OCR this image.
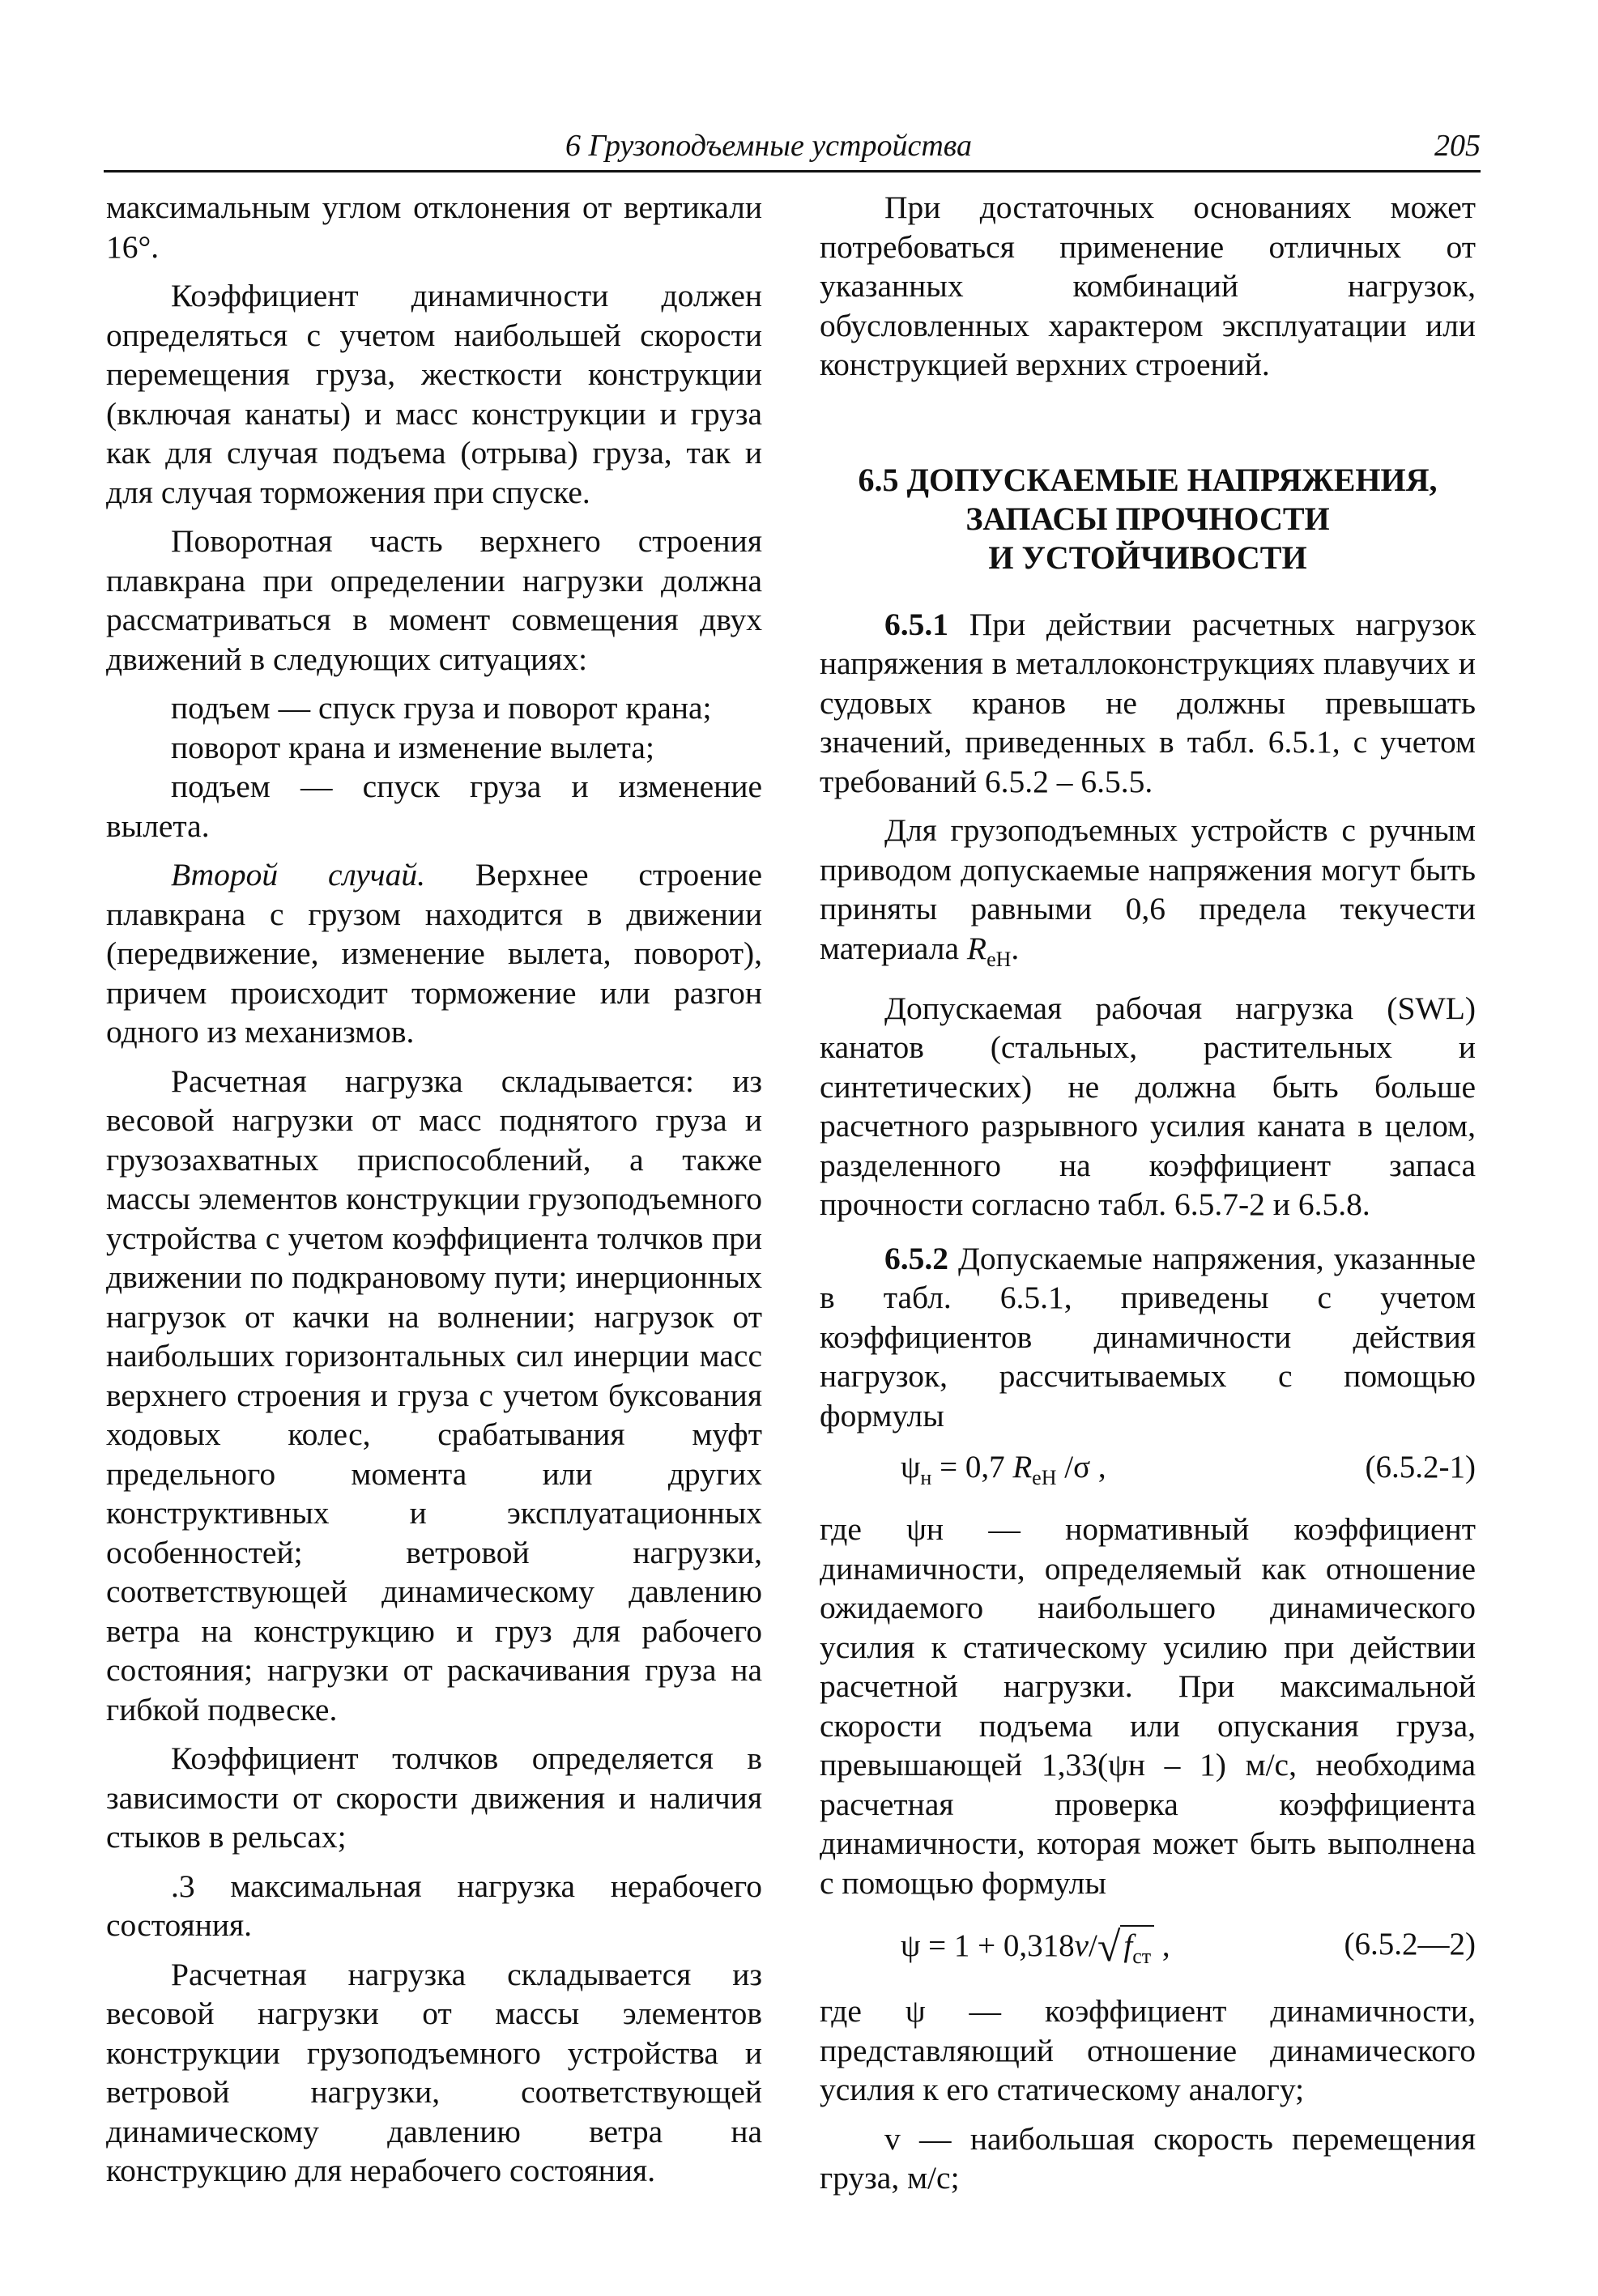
6 Грузоподъемные устройства	205

максимальным углом отклонения от вертикали 16°.

Коэффициент динамичности должен определяться с учетом наибольшей скорости перемещения груза, жесткости конструкции (включая канаты) и масс конструкции и груза как для случая подъема (отрыва) груза, так и для случая торможения при спуске.

Поворотная часть верхнего строения плавкрана при определении нагрузки должна рассматриваться в момент совмещения двух движений в следующих ситуациях:

подъем — спуск груза и поворот крана;

поворот крана и изменение вылета;

подъем — спуск груза и изменение вылета.

Второй случай. Верхнее строение плавкрана с грузом находится в движении (передвижение, изменение вылета, поворот), причем происходит торможение или разгон одного из механизмов.

Расчетная нагрузка складывается: из весовой нагрузки от масс поднятого груза и грузозахватных приспособлений, а также массы элементов конструкции грузоподъемного устройства с учетом коэффициента толчков при движении по подкрановому пути; инерционных нагрузок от качки на волнении; нагрузок от наибольших горизонтальных сил инерции масс верхнего строения и груза с учетом буксования ходовых колес, срабатывания муфт предельного момента или других конструктивных и эксплуатационных особенностей; ветровой нагрузки, соответствующей динамическому давлению ветра на конструкцию и груз для рабочего состояния; нагрузки от раскачивания груза на гибкой подвеске.

Коэффициент толчков определяется в зависимости от скорости движения и наличия стыков в рельсах;

.3 максимальная нагрузка нерабочего состояния.

Расчетная нагрузка складывается из весовой нагрузки от массы элементов конструкции грузоподъемного устройства и ветровой нагрузки, соответствующей динамическому давлению ветра на конструкцию для нерабочего состояния.

При достаточных основаниях может потребоваться применение отличных от указанных комбинаций нагрузок, обусловленных характером эксплуатации или конструкцией верхних строений.

6.5 ДОПУСКАЕМЫЕ НАПРЯЖЕНИЯ,
ЗАПАСЫ ПРОЧНОСТИ
И УСТОЙЧИВОСТИ

6.5.1 При действии расчетных нагрузок напряжения в металлоконструкциях плавучих и судовых кранов не должны превышать значений, приведенных в табл. 6.5.1, с учетом требований 6.5.2 – 6.5.5.

Для грузоподъемных устройств с ручным приводом допускаемые напряжения могут быть приняты равными 0,6 предела текучести материала $R_{eH}$.

Допускаемая рабочая нагрузка (SWL) канатов (стальных, растительных и синтетических) не должна быть больше расчетного разрывного усилия каната в целом, разделенного на коэффициент запаса прочности согласно табл. 6.5.7-2 и 6.5.8.

6.5.2 Допускаемые напряжения, указанные в табл. 6.5.1, приведены с учетом коэффициентов динамичности действия нагрузок, рассчитываемых с помощью формулы

$\psi_н = 0,7$ $R_{eH}$ /σ ,	(6.5.2-1)

где ψн — нормативный коэффициент динамичности, определяемый как отношение ожидаемого наибольшего динамического усилия к статическому усилию при действии расчетной нагрузки. При максимальной скорости подъема или опускания груза, превышающей 1,33(ψн – 1) м/с, необходима расчетная проверка коэффициента динамичности, которая может быть выполнена с помощью формулы

ψ = 1 + 0,318v/√ $f_{ст}$ ,	(6.5.2—2)

где ψ — коэффициент динамичности, представляющий отношение динамического усилия к его статическому аналогу;

v — наибольшая скорость перемещения груза, м/с;
